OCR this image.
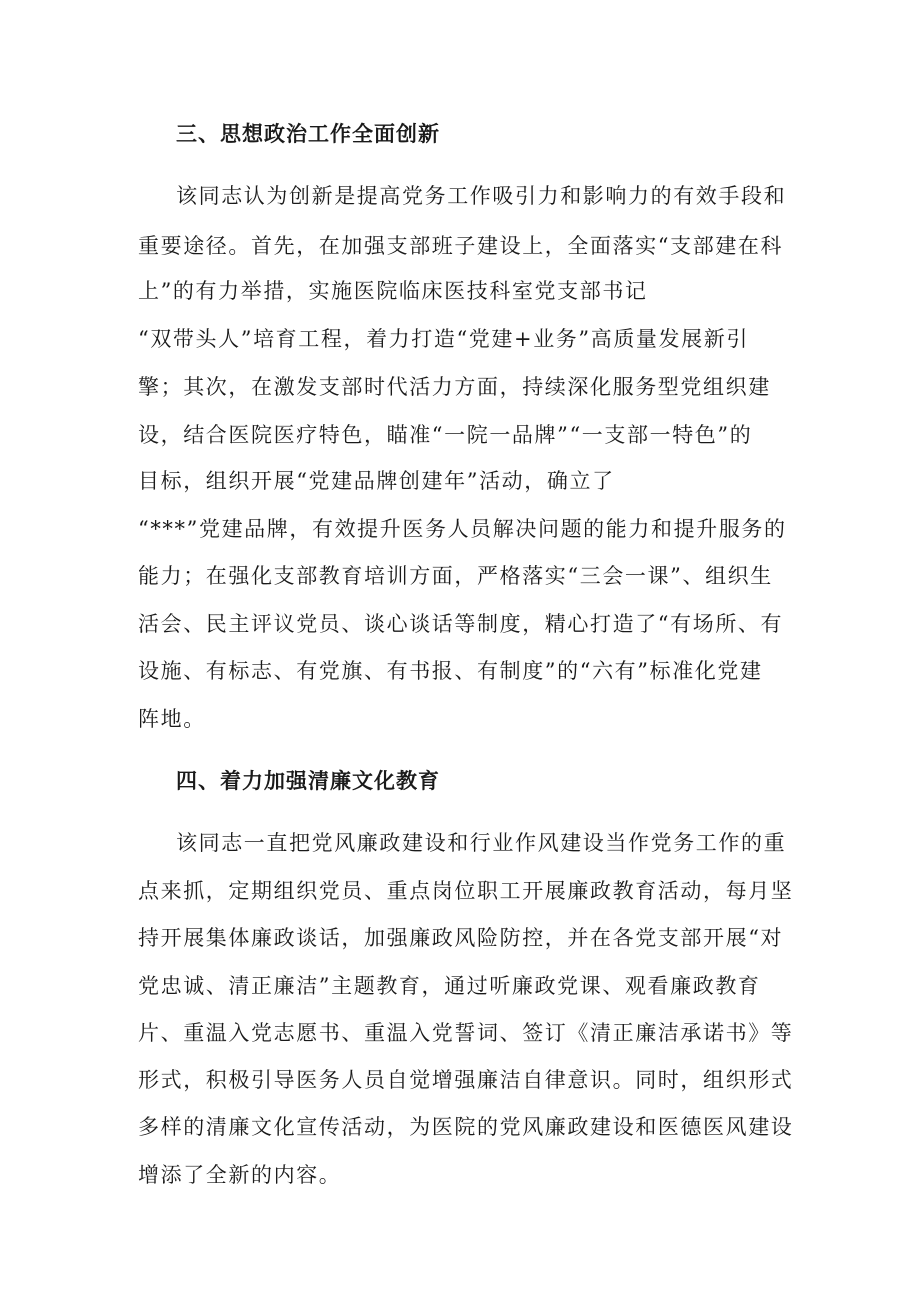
三、思想政治工作全面创新
该同志认为创新是提高党务工作吸引力和影响力的有效手段和
重要途径。首先，在加强支部班子建设上，全面落实“支部建在科
上”的有力举措，实施医院临床医技科室党支部书记
“双带头人”培育工程，着力打造“党建+业务”高质量发展新引
擎；其次，在激发支部时代活力方面，持续深化服务型党组织建
设，结合医院医疗特色，瞄准“一院一品牌”“一支部一特色”的
目标，组织开展“党建品牌创建年”活动，确立了
“***”党建品牌，有效提升医务人员解决问题的能力和提升服务的
能力；在强化支部教育培训方面，严格落实“三会一课”、组织生
活会、民主评议党员、谈心谈话等制度，精心打造了“有场所、有
设施、有标志、有党旗、有书报、有制度”的“六有”标准化党建
阵地。
四、着力加强清廉文化教育
该同志一直把党风廉政建设和行业作风建设当作党务工作的重
点来抓，定期组织党员、重点岗位职工开展廉政教育活动，每月坚
持开展集体廉政谈话，加强廉政风险防控，并在各党支部开展“对
党忠诚、清正廉洁”主题教育，通过听廉政党课、观看廉政教育
片、重温入党志愿书、重温入党誓词、签订《清正廉洁承诺书》等
形式，积极引导医务人员自觉增强廉洁自律意识。同时，组织形式
多样的清廉文化宣传活动，为医院的党风廉政建设和医德医风建设
增添了全新的内容。
